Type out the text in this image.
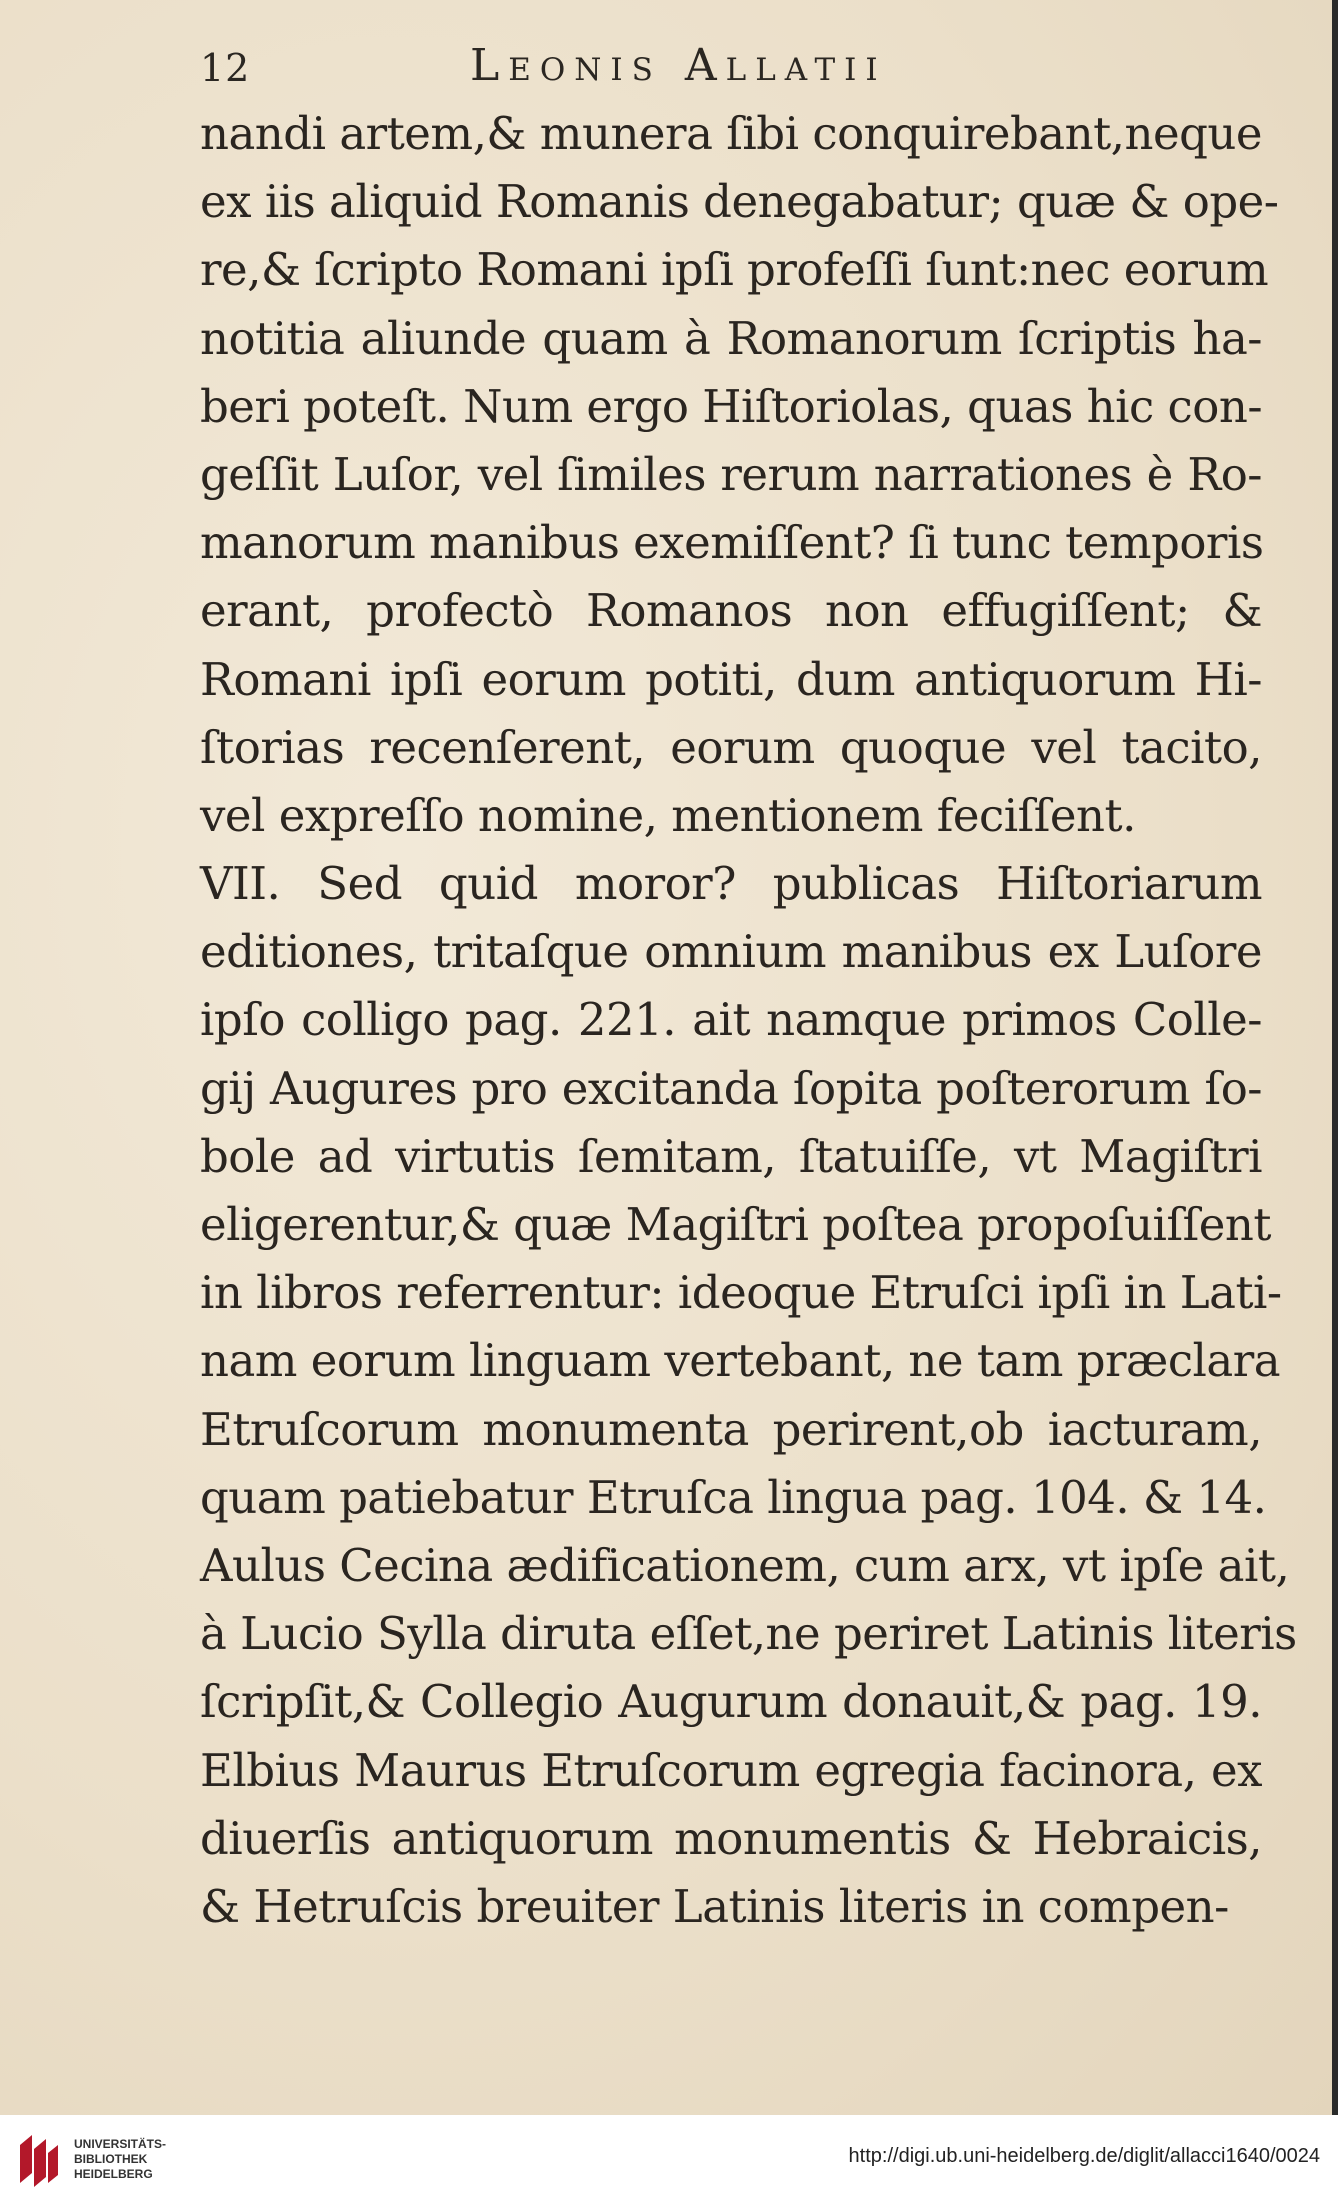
12	Leonis Allatii
nandi artem,& munera ſibi conquirebant,neque
ex iis aliquid Romanis denegabatur; quæ & ope-
re,& ſcripto Romani ipſi profeſſi ſunt:nec eorum
notitia aliunde quam à Romanorum ſcriptis ha-
beri poteſt. Num ergo Hiſtoriolas, quas hic con-
geſſit Luſor, vel ſimiles rerum narrationes è Ro-
manorum manibus exemiſſent? ſi tunc temporis
erant, profectò Romanos non effugiſſent; &
Romani ipſi eorum potiti, dum antiquorum Hi-
ſtorias recenſerent, eorum quoque vel tacito,
vel expreſſo nomine, mentionem feciſſent.
VII. Sed quid moror? publicas Hiſtoriarum
editiones, tritaſque omnium manibus ex Luſore
ipſo colligo pag. 221. ait namque primos Colle-
gij Augures pro excitanda ſopita poſterorum ſo-
bole ad virtutis ſemitam, ſtatuiſſe, vt Magiſtri
eligerentur,& quæ Magiſtri poſtea propoſuiſſent
in libros referrentur: ideoque Etruſci ipſi in Lati-
nam eorum linguam vertebant, ne tam præclara
Etruſcorum monumenta perirent,ob iacturam,
quam patiebatur Etruſca lingua pag. 104. & 14.
Aulus Cecina ædificationem, cum arx, vt ipſe ait,
à Lucio Sylla diruta eſſet,ne periret Latinis literis
ſcripſit,& Collegio Augurum donauit,& pag. 19.
Elbius Maurus Etruſcorum egregia facinora, ex
diuerſis antiquorum monumentis & Hebraicis,
& Hetruſcis breuiter Latinis literis in compen-
UNIVERSITÄTS-
BIBLIOTHEK
HEIDELBERG
http://digi.ub.uni-heidelberg.de/diglit/allacci1640/0024
